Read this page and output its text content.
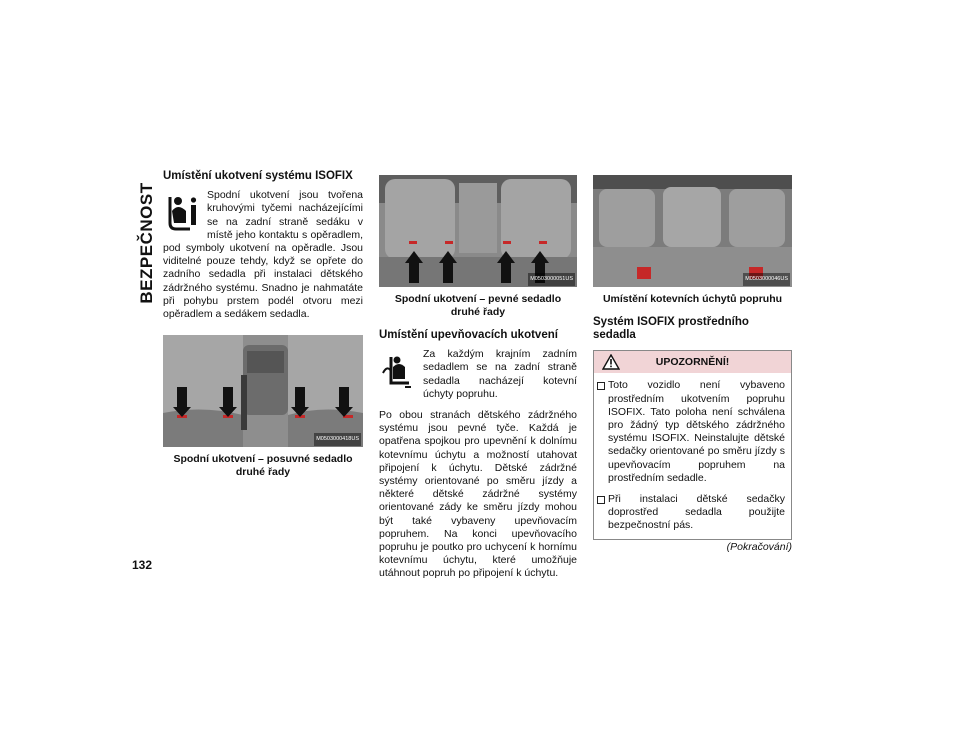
BEZPEČNOST
132
Umístění ukotvení systému ISOFIX

Spodní ukotvení jsou tvořena kruhovými tyčemi nacházejícími se na zadní straně sedáku v místě jeho kontaktu s opěradlem, pod symboly ukotvení na opěradle. Jsou viditelné pouze tehdy, když se opřete do zadního sedadla při instalaci dětského zádržného systému. Snadno je nahmatáte při pohybu prstem podél otvoru mezi opěradlem a sedákem sedadla.

M0503000418US
Spodní ukotvení – posuvné sedadlo
druhé řady
M0503000051US
Spodní ukotvení – pevné sedadlo
druhé řady
Umístění upevňovacích ukotvení

Za každým krajním zadním sedadlem se na zadní straně sedadla nacházejí kotevní úchyty popruhu.

Po obou stranách dětského zádržného systému jsou pevné tyče. Každá je opatřena spojkou pro upevnění k dolnímu kotevnímu úchytu a možností utahovat připojení k úchytu. Dětské zádržné systémy orientované po směru jízdy a některé dětské zádržné systémy orientované zády ke směru jízdy mohou být také vybaveny upevňovacím popruhem. Na konci upevňovacího popruhu je poutko pro uchycení k hornímu kotevnímu úchytu, které umožňuje utáhnout popruh po připojení k úchytu.

M0503000046US
Umístění kotevních úchytů popruhu
Systém ISOFIX prostředního sedadla
UPOZORNĚNÍ!
Toto vozidlo není vybaveno prostředním ukotvením popruhu ISOFIX. Tato poloha není schválena pro žádný typ dětského zádržného systému ISOFIX. Neinstalujte dětské sedačky orientované po směru jízdy s upevňovacím popruhem na prostředním sedadle.
Při instalaci dětské sedačky doprostřed sedadla použijte bezpečnostní pás.
(Pokračování)
